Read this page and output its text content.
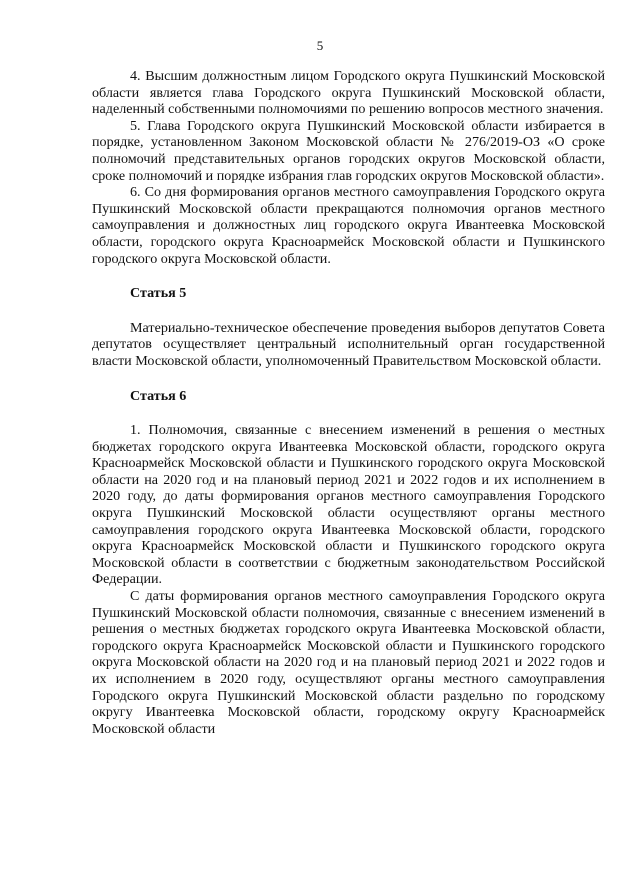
5

4. Высшим должностным лицом Городского округа Пушкинский Московской области является глава Городского округа Пушкинский Московской области, наделенный собственными полномочиями по решению вопросов местного значения.

5. Глава Городского округа Пушкинский Московской области избирается в порядке, установленном Законом Московской области № 276/2019-ОЗ «О сроке полномочий представительных органов городских округов Московской области, сроке полномочий и порядке избрания глав городских округов Московской области».

6. Со дня формирования органов местного самоуправления Городского округа Пушкинский Московской области прекращаются полномочия органов местного самоуправления и должностных лиц городского округа Ивантеевка Московской области, городского округа Красноармейск Московской области и Пушкинского городского округа Московской области.

Статья 5

Материально-техническое обеспечение проведения выборов депутатов Совета депутатов осуществляет центральный исполнительный орган государственной власти Московской области, уполномоченный Правительством Московской области.

Статья 6

1. Полномочия, связанные с внесением изменений в решения о местных бюджетах городского округа Ивантеевка Московской области, городского округа Красноармейск Московской области и Пушкинского городского округа Московской области на 2020 год и на плановый период 2021 и 2022 годов и их исполнением в 2020 году, до даты формирования органов местного самоуправления Городского округа Пушкинский Московской области осуществляют органы местного самоуправления городского округа Ивантеевка Московской области, городского округа Красноармейск Московской области и Пушкинского городского округа Московской области в соответствии с бюджетным законодательством Российской Федерации.

С даты формирования органов местного самоуправления Городского округа Пушкинский Московской области полномочия, связанные с внесением изменений в решения о местных бюджетах городского округа Ивантеевка Московской области, городского округа Красноармейск Московской области и Пушкинского городского округа Московской области на 2020 год и на плановый период 2021 и 2022 годов и их исполнением в 2020 году, осуществляют органы местного самоуправления Городского округа Пушкинский Московской области раздельно по городскому округу Ивантеевка Московской области, городскому округу Красноармейск Московской области
